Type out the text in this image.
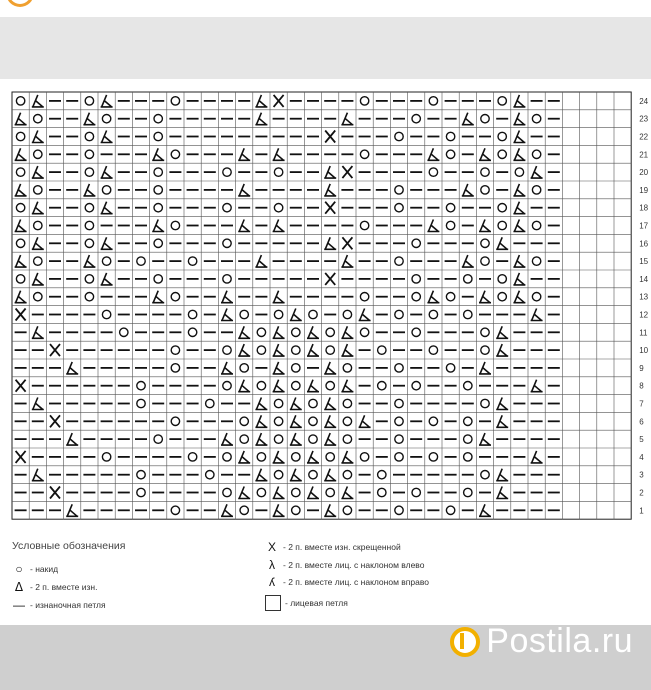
24
23
22
21
20
19
18
17
16
15
14
13
12
11
10
9
8
7
6
5
4
3
2
1
Условные обозначения
○ - накид
ᐃ - 2 п. вместе изн.
— - изнаночная петля
X - 2 п. вместе изн. скрещенной
λ - 2 п. вместе лиц. с наклоном влево
ʎ - 2 п. вместе лиц. с наклоном вправо
- лицевая петля
Postila.ru
